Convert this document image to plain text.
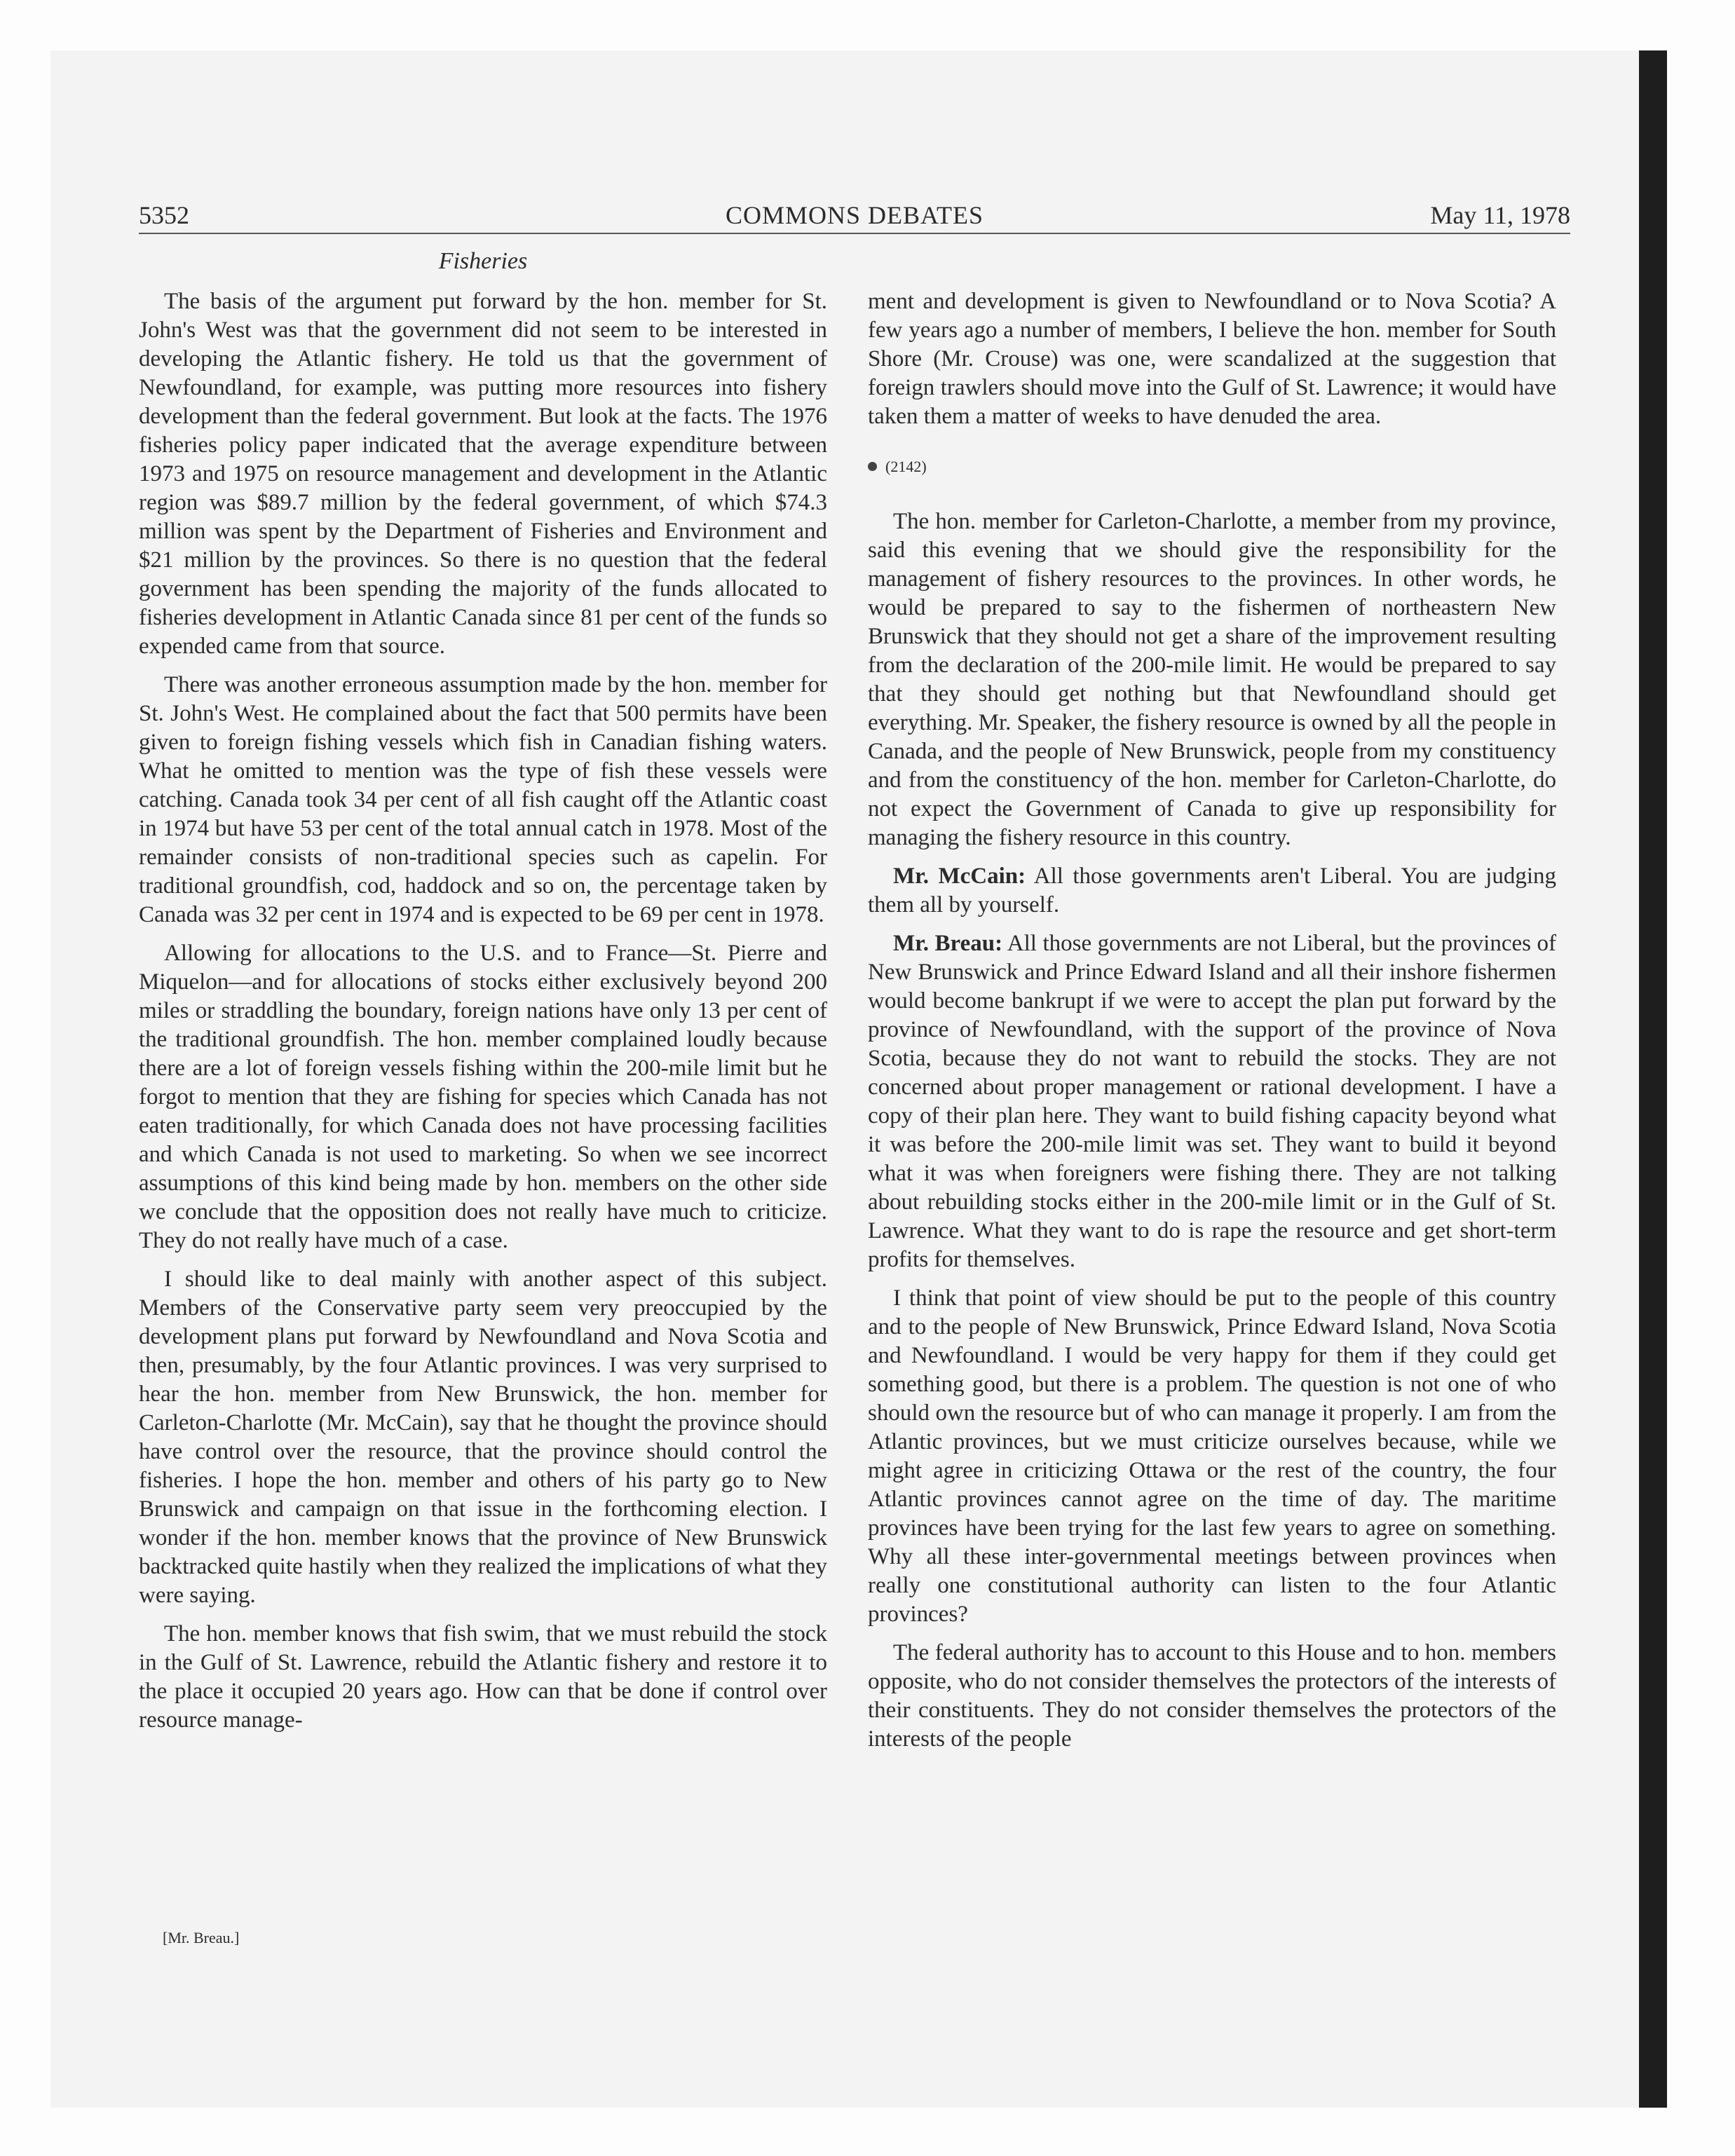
5352	COMMONS DEBATES	May 11, 1978
Fisheries

The basis of the argument put forward by the hon. member for St. John's West was that the government did not seem to be interested in developing the Atlantic fishery. He told us that the government of Newfoundland, for example, was putting more resources into fishery development than the federal government. But look at the facts. The 1976 fisheries policy paper indicated that the average expenditure between 1973 and 1975 on resource management and development in the Atlantic region was $89.7 million by the federal government, of which $74.3 million was spent by the Department of Fisheries and Environment and $21 million by the provinces. So there is no question that the federal government has been spending the majority of the funds allocated to fisheries development in Atlantic Canada since 81 per cent of the funds so expended came from that source.

There was another erroneous assumption made by the hon. member for St. John's West. He complained about the fact that 500 permits have been given to foreign fishing vessels which fish in Canadian fishing waters. What he omitted to mention was the type of fish these vessels were catching. Canada took 34 per cent of all fish caught off the Atlantic coast in 1974 but have 53 per cent of the total annual catch in 1978. Most of the remainder consists of non-traditional species such as capelin. For traditional groundfish, cod, haddock and so on, the percentage taken by Canada was 32 per cent in 1974 and is expected to be 69 per cent in 1978.

Allowing for allocations to the U.S. and to France—St. Pierre and Miquelon—and for allocations of stocks either exclusively beyond 200 miles or straddling the boundary, foreign nations have only 13 per cent of the traditional groundfish. The hon. member complained loudly because there are a lot of foreign vessels fishing within the 200-mile limit but he forgot to mention that they are fishing for species which Canada has not eaten traditionally, for which Canada does not have processing facilities and which Canada is not used to marketing. So when we see incorrect assumptions of this kind being made by hon. members on the other side we conclude that the opposition does not really have much to criticize. They do not really have much of a case.

I should like to deal mainly with another aspect of this subject. Members of the Conservative party seem very preoccupied by the development plans put forward by Newfoundland and Nova Scotia and then, presumably, by the four Atlantic provinces. I was very surprised to hear the hon. member from New Brunswick, the hon. member for Carleton-Charlotte (Mr. McCain), say that he thought the province should have control over the resource, that the province should control the fisheries. I hope the hon. member and others of his party go to New Brunswick and campaign on that issue in the forthcoming election. I wonder if the hon. member knows that the province of New Brunswick backtracked quite hastily when they realized the implications of what they were saying.

The hon. member knows that fish swim, that we must rebuild the stock in the Gulf of St. Lawrence, rebuild the Atlantic fishery and restore it to the place it occupied 20 years ago. How can that be done if control over resource manage-

[Mr. Breau.]

ment and development is given to Newfoundland or to Nova Scotia? A few years ago a number of members, I believe the hon. member for South Shore (Mr. Crouse) was one, were scandalized at the suggestion that foreign trawlers should move into the Gulf of St. Lawrence; it would have taken them a matter of weeks to have denuded the area.

(2142)

The hon. member for Carleton-Charlotte, a member from my province, said this evening that we should give the responsibility for the management of fishery resources to the provinces. In other words, he would be prepared to say to the fishermen of northeastern New Brunswick that they should not get a share of the improvement resulting from the declaration of the 200-mile limit. He would be prepared to say that they should get nothing but that Newfoundland should get everything. Mr. Speaker, the fishery resource is owned by all the people in Canada, and the people of New Brunswick, people from my constituency and from the constituency of the hon. member for Carleton-Charlotte, do not expect the Government of Canada to give up responsibility for managing the fishery resource in this country.

Mr. McCain: All those governments aren't Liberal. You are judging them all by yourself.

Mr. Breau: All those governments are not Liberal, but the provinces of New Brunswick and Prince Edward Island and all their inshore fishermen would become bankrupt if we were to accept the plan put forward by the province of Newfoundland, with the support of the province of Nova Scotia, because they do not want to rebuild the stocks. They are not concerned about proper management or rational development. I have a copy of their plan here. They want to build fishing capacity beyond what it was before the 200-mile limit was set. They want to build it beyond what it was when foreigners were fishing there. They are not talking about rebuilding stocks either in the 200-mile limit or in the Gulf of St. Lawrence. What they want to do is rape the resource and get short-term profits for themselves.

I think that point of view should be put to the people of this country and to the people of New Brunswick, Prince Edward Island, Nova Scotia and Newfoundland. I would be very happy for them if they could get something good, but there is a problem. The question is not one of who should own the resource but of who can manage it properly. I am from the Atlantic provinces, but we must criticize ourselves because, while we might agree in criticizing Ottawa or the rest of the country, the four Atlantic provinces cannot agree on the time of day. The maritime provinces have been trying for the last few years to agree on something. Why all these inter-governmental meetings between provinces when really one constitutional authority can listen to the four Atlantic provinces?

The federal authority has to account to this House and to hon. members opposite, who do not consider themselves the protectors of the interests of their constituents. They do not consider themselves the protectors of the interests of the people
